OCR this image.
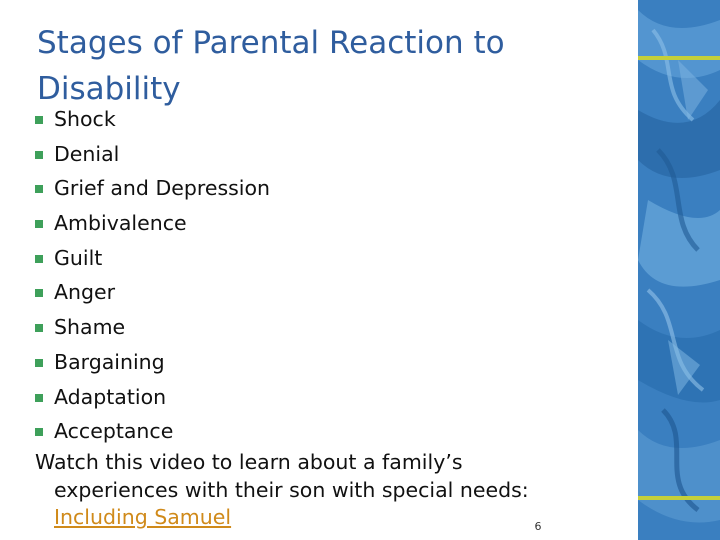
Stages of Parental Reaction to Disability
Shock
Denial
Grief and Depression
Ambivalence
Guilt
Anger
Shame
Bargaining
Adaptation
Acceptance

Watch this video to learn about a family’s
experiences with their son with special needs:
Including Samuel	6
